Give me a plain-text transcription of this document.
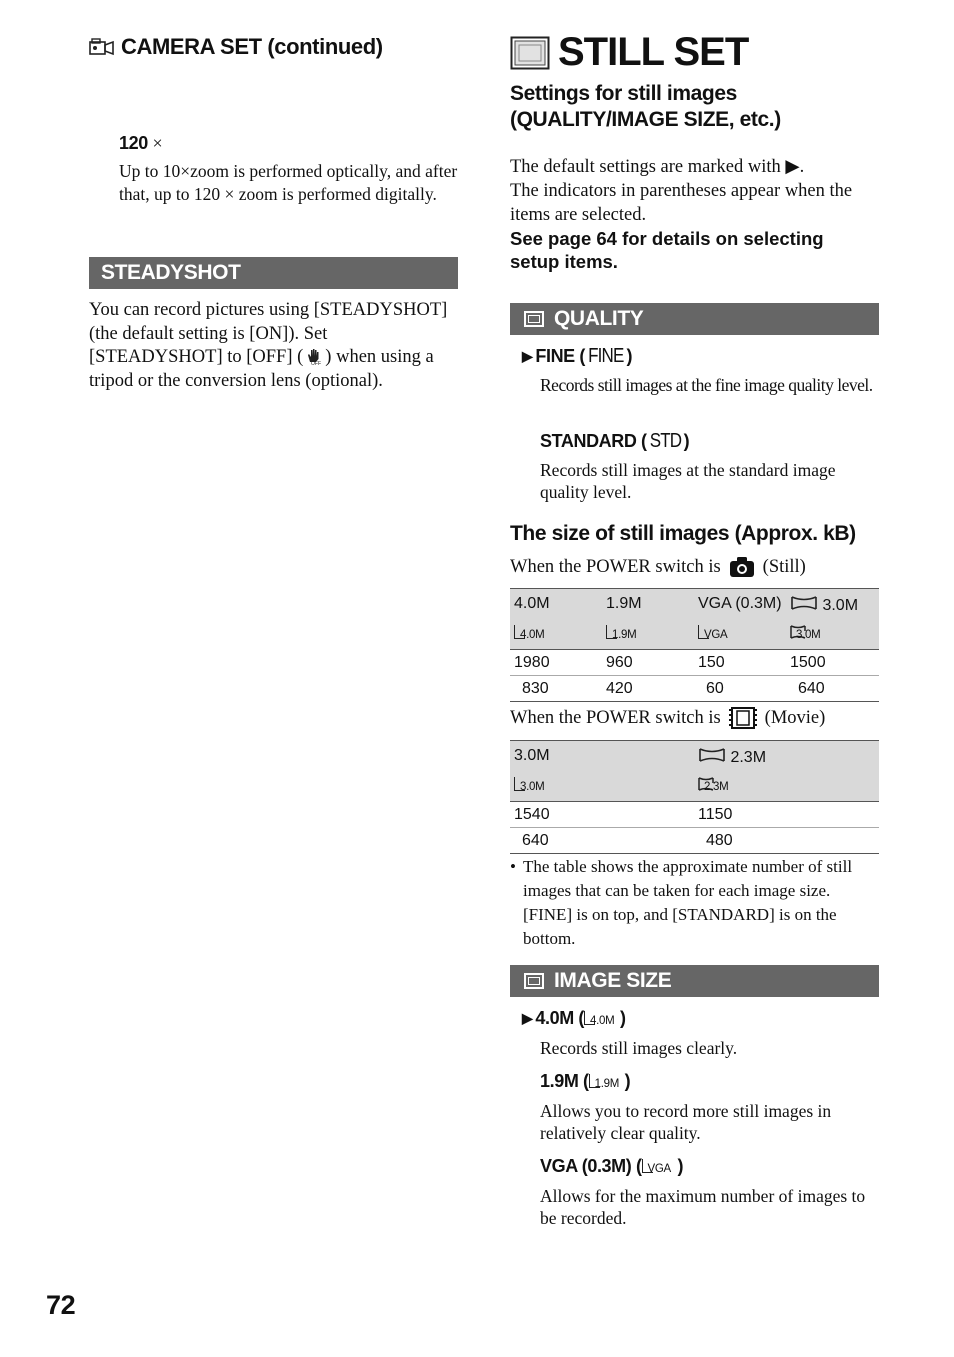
CAMERA SET (continued)
120 ×
Up to 10×zoom is performed optically, and after that, up to 120 × zoom is performed digitally.
STEADYSHOT
You can record pictures using [STEADYSHOT] (the default setting is [ON]). Set [STEADYSHOT] to [OFF] ( OFF ) when using a tripod or the conversion lens (optional).
STILL SET
Settings for still images
(QUALITY/IMAGE SIZE, etc.)
The default settings are marked with ▶.
The indicators in parentheses appear when the items are selected.
See page 64 for details on selecting
setup items.
QUALITY
▶ FINE ( FINE )
Records still images at the fine image quality level.
STANDARD ( STD )
Records still images at the standard image quality level.
The size of still images (Approx. kB)
When the POWER switch is (Still)
4.0M	1.9M	VGA (0.3M)	3.0M

4.0M	1.9M	VGA	3.0M

1980	960	150	1500
830	420	60	640
When the POWER switch is (Movie)
3.0M	2.3M

3.0M	2.3M

1540	1150
640	480
• The table shows the approximate number of still images that can be taken for each image size. [FINE] is on top, and [STANDARD] is on the bottom.
IMAGE SIZE
▶ 4.0M ( 4.0M )
Records still images clearly.
1.9M ( 1.9M )
Allows you to record more still images in relatively clear quality.
VGA (0.3M) ( VGA )
Allows for the maximum number of images to be recorded.
72
